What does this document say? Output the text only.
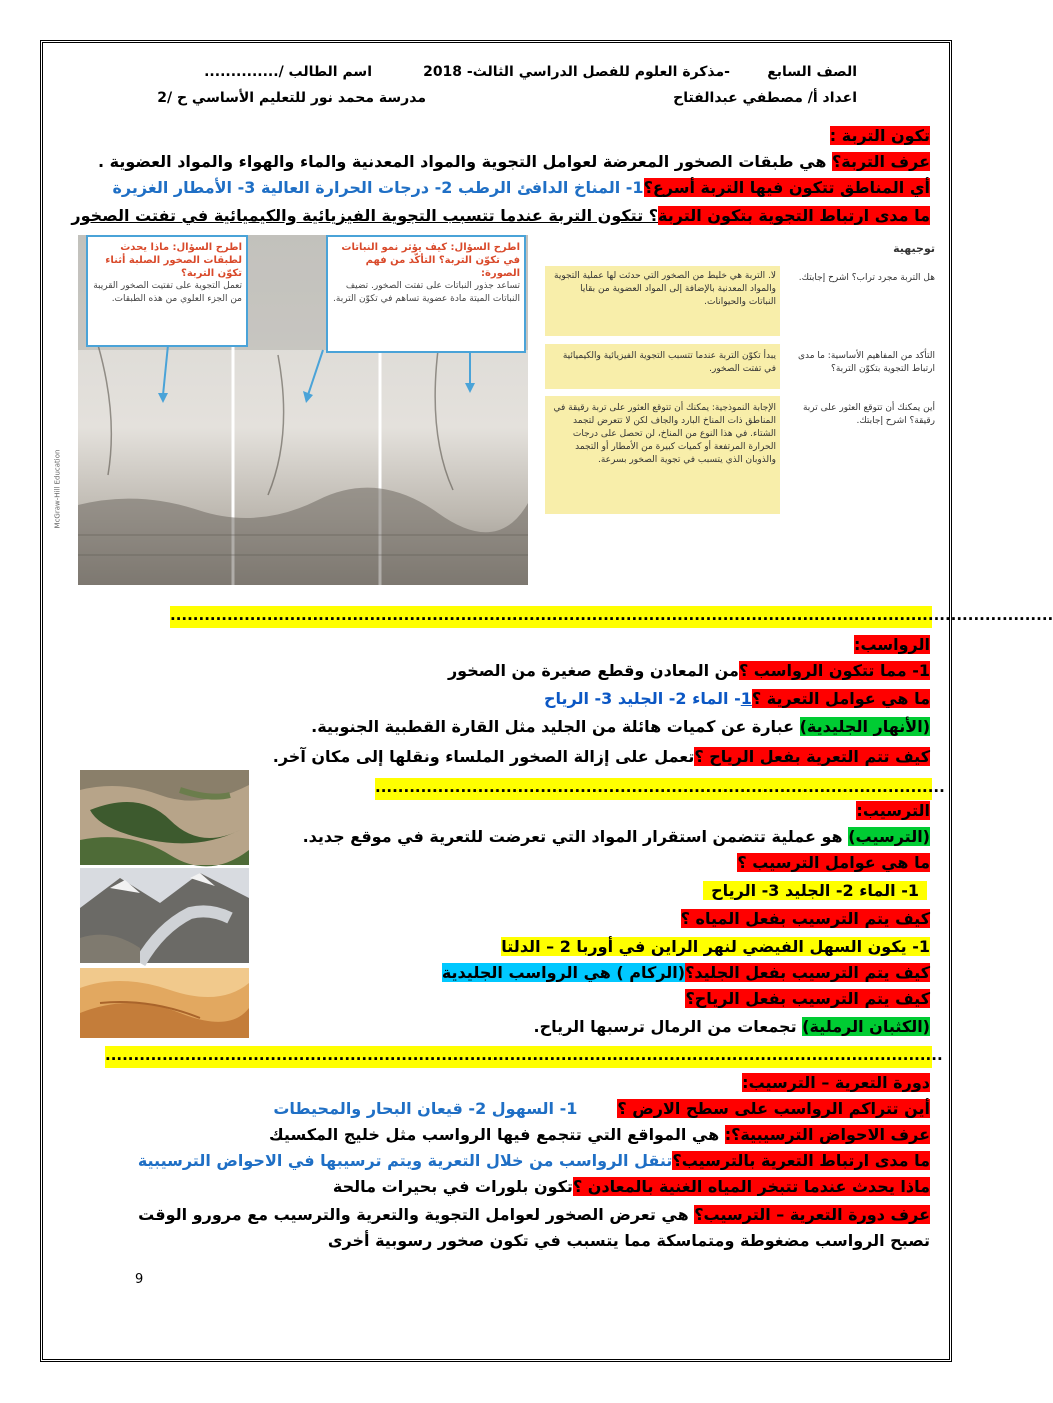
الصف السابع
-مذكرة العلوم للفصل الدراسي الثالث- 2018
اسم الطالب /..............
اعداد أ/ مصطفي عبدالفتاح
مدرسة محمد نور للتعليم الأساسي ح /2
تكون التربة :
عرف التربة؟ هي طبقات الصخور المعرضة لعوامل التجوية والمواد المعدنية والماء والهواء والمواد العضوية .
أي المناطق تتكون فيها التربة أسرع؟1- المناخ الدافئ الرطب 2- درجات الحرارة العالية 3- الأمطار الغزيرة
ما مدى ارتباط التجوية بتكون التربة؟ تتكون التربة عندما تتسبب التجوية الفيزيائية والكيميائية في تفتت الصخور
اطرح السؤال: ماذا يحدث لطبقات الصخور الصلبة أثناء تكوّن التربة؟
تعمل التجوية على تفتيت الصخور القريبة من الجزء العلوي من هذه الطبقات.
اطرح السؤال: كيف يؤثر نمو النباتات في تكوّن التربة؟ التأكّد من فهم الصورة:
تساعد جذور النباتات على تفتت الصخور. تضيف النباتات الميتة مادة عضوية تساهم في تكوّن التربة.
McGraw-Hill Education
توجيهية
لا. التربة هي خليط من الصخور التي حدثت لها عملية التجوية والمواد المعدنية بالإضافة إلى المواد العضوية من بقايا النباتات والحيوانات.
هل التربة مجرد تراب؟ اشرح إجابتك.
يبدأ تكوّن التربة عندما تتسبب التجوية الفيزيائية والكيميائية في تفتت الصخور.
التأكد من المفاهيم الأساسية: ما مدى ارتباط التجوية بتكوّن التربة؟
الإجابة النموذجية: يمكنك أن تتوقع العثور على تربة رقيقة في المناطق ذات المناخ البارد والجاف لكن لا تتعرض لتجمد الشتاء. في هذا النوع من المناخ، لن تحصل على درجات الحرارة المرتفعة أو كميات كبيرة من الأمطار أو التجمد والذوبان الذي يتسبب في تجوية الصخور بسرعة.
أين يمكنك أن تتوقع العثور على تربة رقيقة؟ اشرح إجابتك.
...........................................................................................................................................................
الرواسب:
1- مما تتكون الرواسب ؟من المعادن وقطع صغيرة من الصخور
ما هي عوامل التعرية ؟1- الماء 2- الجليد 3- الرياح
(الأنهار الجليدية) عبارة عن كميات هائلة من الجليد مثل القارة القطبية الجنوبية.
كيف تتم التعرية بفعل الرياح ؟تعمل على إزالة الصخور الملساء ونقلها إلى مكان آخر.
....................................................................................................
الترسيب:
(الترسيب) هو عملية تتضمن استقرار المواد التي تعرضت للتعرية في موقع جديد.
ما هي عوامل الترسيب ؟
1- الماء 2- الجليد 3- الرياح
كيف يتم الترسيب بفعل المياه ؟
1- يكون السهل الفيضي لنهر الراين في أوربا 2 – الدلتا
كيف يتم الترسيب بفعل الجليد؟(الركام ) هي الرواسب الجليدية
كيف يتم الترسيب بفعل الرياح؟
(الكثبان الرملية) تجمعات من الرمال ترسبها الرياح.
...................................................................................................................................................
دورة التعرية – الترسيب:
أين تتراكم الرواسب على سطح الارض ؟1- السهول 2- قيعان البحار والمحيطات
عرف الاحواض الترسيبية؟: هي المواقع التي تتجمع فيها الرواسب مثل خليج المكسيك
ما مدى ارتباط التعرية بالترسيب؟تنقل الرواسب من خلال التعرية ويتم ترسيبها في الاحواض الترسيبية
ماذا يحدث عندما تتبخر المياه الغنية بالمعادن ؟تكون بلورات في بحيرات مالحة
عرف دورة التعرية – الترسيب؟ هي تعرض الصخور لعوامل التجوية والتعرية والترسيب مع مرورو الوقت
تصبح الرواسب مضغوطة ومتماسكة مما يتسبب في تكون صخور رسوبية أخرى
9
